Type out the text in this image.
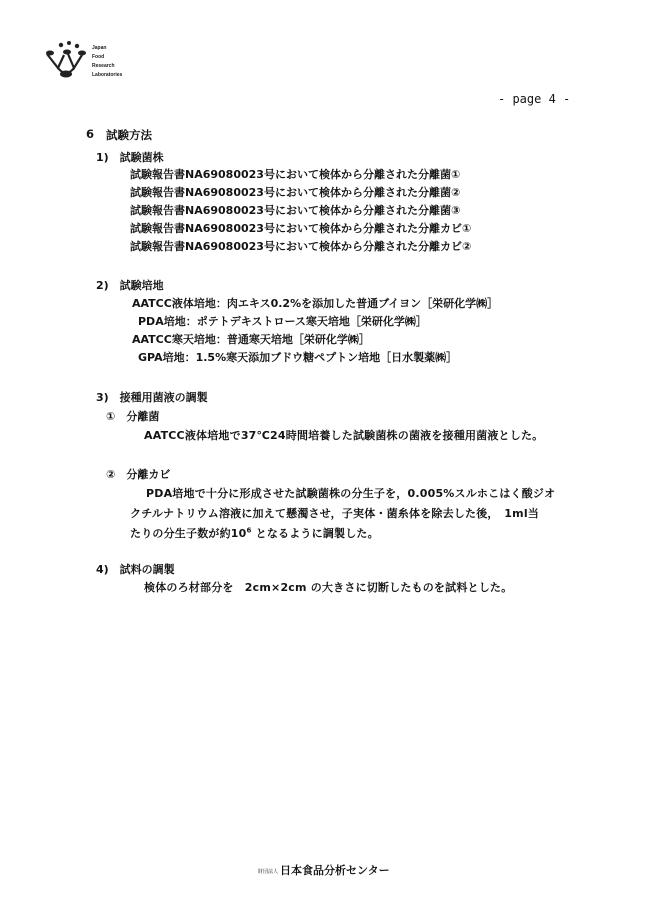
Japan
Food
Research
Laboratories
- page 4 -
6 試験方法
1)　試験菌株
試験報告書NA69080023号において検体から分離された分離菌①
試験報告書NA69080023号において検体から分離された分離菌②
試験報告書NA69080023号において検体から分離された分離菌③
試験報告書NA69080023号において検体から分離された分離カビ①
試験報告書NA69080023号において検体から分離された分離カビ②
2)　試験培地
AATCC液体培地：肉エキス0.2%を添加した普通ブイヨン［栄研化学㈱］
PDA培地：ポテトデキストロース寒天培地［栄研化学㈱］
AATCC寒天培地：普通寒天培地［栄研化学㈱］
GPA培地：1.5%寒天添加ブドウ糖ペプトン培地［日水製薬㈱］
3)　接種用菌液の調製
①　分離菌
AATCC液体培地で37℃24時間培養した試験菌株の菌液を接種用菌液とした。
②　分離カビ
PDA培地で十分に形成させた試験菌株の分生子を，0.005%スルホこはく酸ジオ
クチルナトリウム溶液に加えて懸濁させ，子実体・菌糸体を除去した後，　1ml当
たりの分生子数が約$10^6$ となるように調製した。
4)　試料の調製
検体のろ材部分を　2cm×2cm の大きさに切断したものを試料とした。
財団法人 日本食品分析センター
